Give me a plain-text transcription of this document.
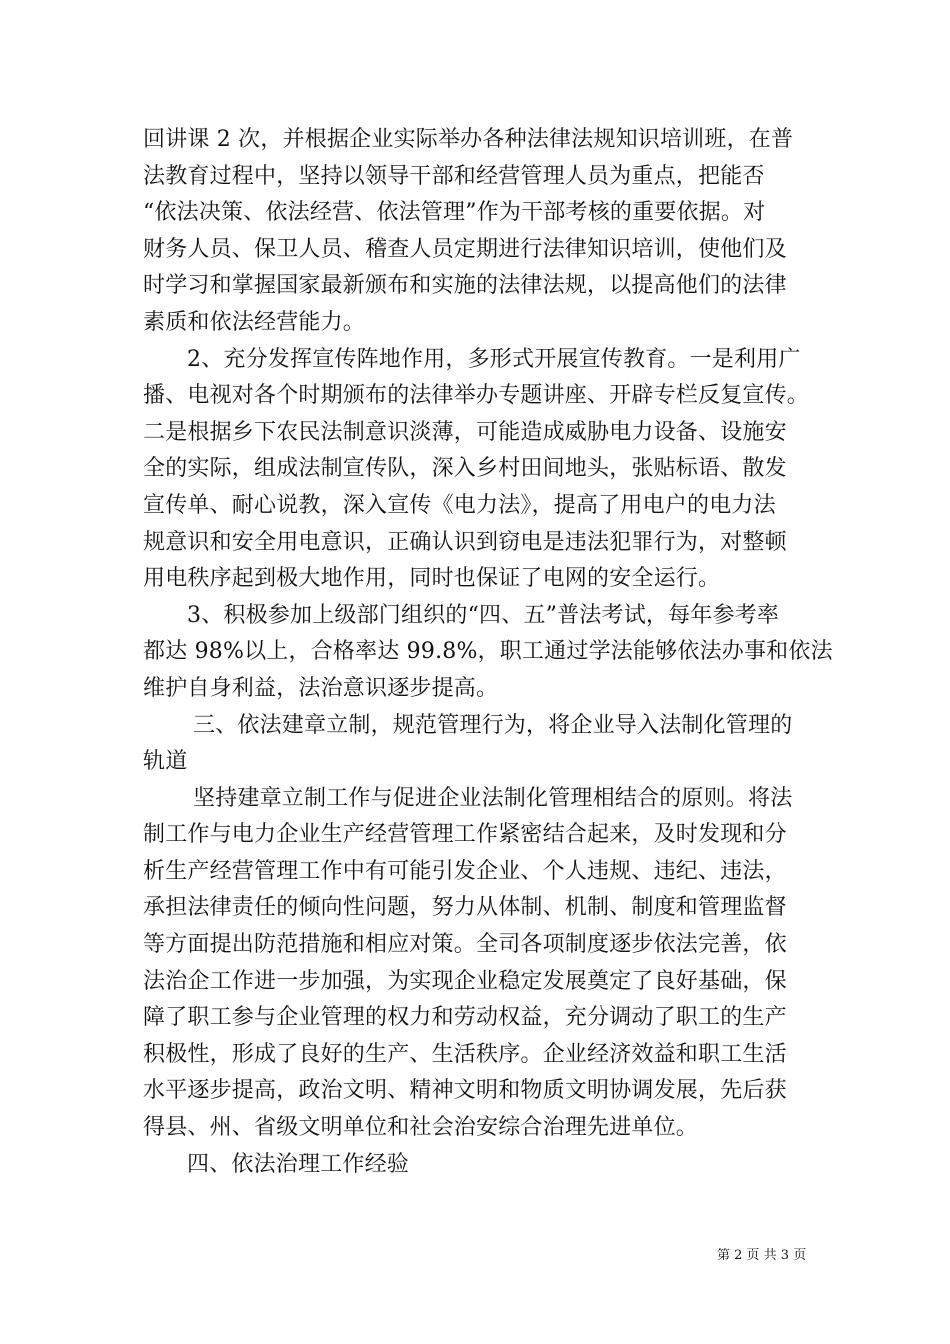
回讲课 2 次，并根据企业实际举办各种法律法规知识培训班，在普
法教育过程中，坚持以领导干部和经营管理人员为重点，把能否
“依法决策、依法经营、依法管理”作为干部考核的重要依据。对
财务人员、保卫人员、稽查人员定期进行法律知识培训，使他们及
时学习和掌握国家最新颁布和实施的法律法规，以提高他们的法律
素质和依法经营能力。
2、充分发挥宣传阵地作用，多形式开展宣传教育。一是利用广
播、电视对各个时期颁布的法律举办专题讲座、开辟专栏反复宣传。
二是根据乡下农民法制意识淡薄，可能造成威胁电力设备、设施安
全的实际，组成法制宣传队，深入乡村田间地头，张贴标语、散发
宣传单、耐心说教，深入宣传《电力法》，提高了用电户的电力法
规意识和安全用电意识，正确认识到窃电是违法犯罪行为，对整顿
用电秩序起到极大地作用，同时也保证了电网的安全运行。
3、积极参加上级部门组织的“四、五”普法考试，每年参考率
都达 98%以上，合格率达 99.8%，职工通过学法能够依法办事和依法
维护自身利益，法治意识逐步提高。
三、依法建章立制，规范管理行为，将企业导入法制化管理的
轨道
坚持建章立制工作与促进企业法制化管理相结合的原则。将法
制工作与电力企业生产经营管理工作紧密结合起来，及时发现和分
析生产经营管理工作中有可能引发企业、个人违规、违纪、违法，
承担法律责任的倾向性问题，努力从体制、机制、制度和管理监督
等方面提出防范措施和相应对策。全司各项制度逐步依法完善，依
法治企工作进一步加强，为实现企业稳定发展奠定了良好基础，保
障了职工参与企业管理的权力和劳动权益，充分调动了职工的生产
积极性，形成了良好的生产、生活秩序。企业经济效益和职工生活
水平逐步提高，政治文明、精神文明和物质文明协调发展，先后获
得县、州、省级文明单位和社会治安综合治理先进单位。
四、依法治理工作经验
第 2 页 共 3 页
